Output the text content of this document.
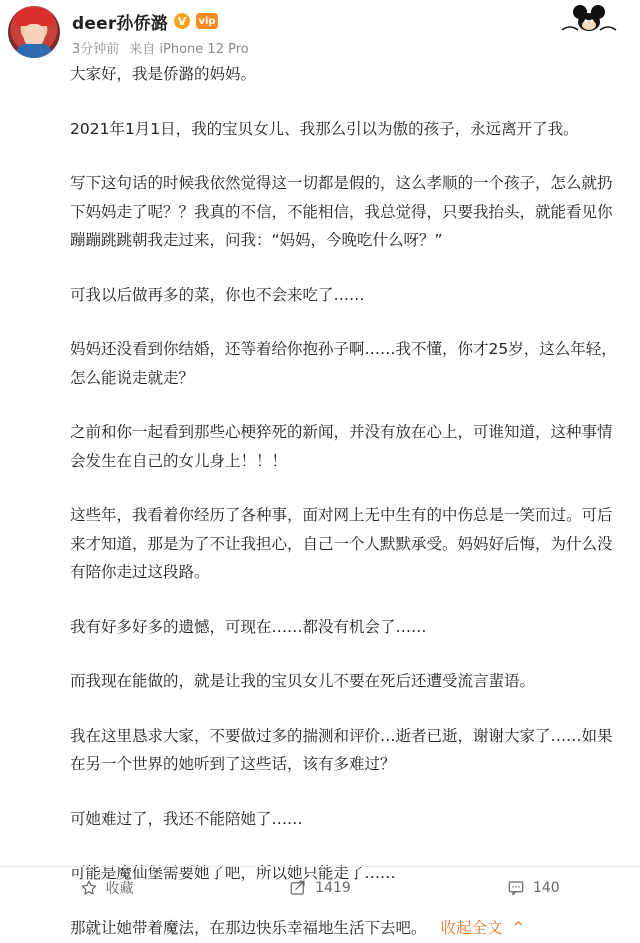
deer孙侨潞 V	vip
3分钟前 来自 iPhone 12 Pro

大家好，我是侨潞的妈妈。

2021年1月1日，我的宝贝女儿、我那么引以为傲的孩子，永远离开了我。

写下这句话的时候我依然觉得这一切都是假的，这么孝顺的一个孩子，怎么就扔下妈妈走了呢？？我真的不信，不能相信，我总觉得，只要我抬头，就能看见你蹦蹦跳跳朝我走过来，问我：“妈妈，今晚吃什么呀？”

可我以后做再多的菜，你也不会来吃了……

妈妈还没看到你结婚，还等着给你抱孙子啊……我不懂，你才25岁，这么年轻，怎么能说走就走？

之前和你一起看到那些心梗猝死的新闻，并没有放在心上，可谁知道，这种事情会发生在自己的女儿身上！！！

这些年，我看着你经历了各种事，面对网上无中生有的中伤总是一笑而过。可后来才知道，那是为了不让我担心，自己一个人默默承受。妈妈好后悔，为什么没有陪你走过这段路。

我有好多好多的遗憾，可现在……都没有机会了……

而我现在能做的，就是让我的宝贝女儿不要在死后还遭受流言蜚语。

我在这里恳求大家，不要做过多的揣测和评价…逝者已逝，谢谢大家了……如果在另一个世界的她听到了这些话，该有多难过？

可她难过了，我还不能陪她了……

可能是魔仙堡需要她了吧，所以她只能走了……

那就让她带着魔法，在那边快乐幸福地生活下去吧。 收起全文 ^

收藏	1419	140
